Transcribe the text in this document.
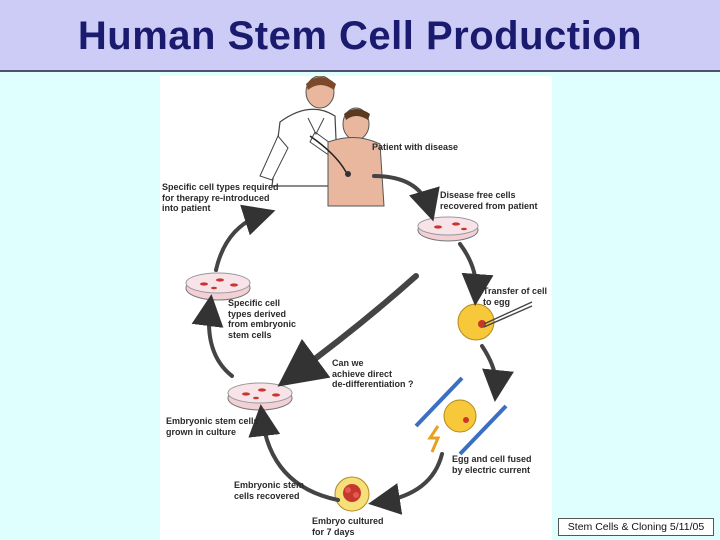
Human Stem Cell Production
Patient with disease
Specific cell types required
for therapy re-introduced
into patient
Disease free cells
recovered from patient
Transfer of cell
to egg
Specific cell
types derived
from embryonic
stem cells
Can we
achieve direct
de-differentiation ?
Embryonic stem cells
grown in culture
Egg and cell fused
by electric current
Embryonic stem
cells recovered
Embryo cultured
for 7 days	Stem Cells & Cloning 5/11/05
